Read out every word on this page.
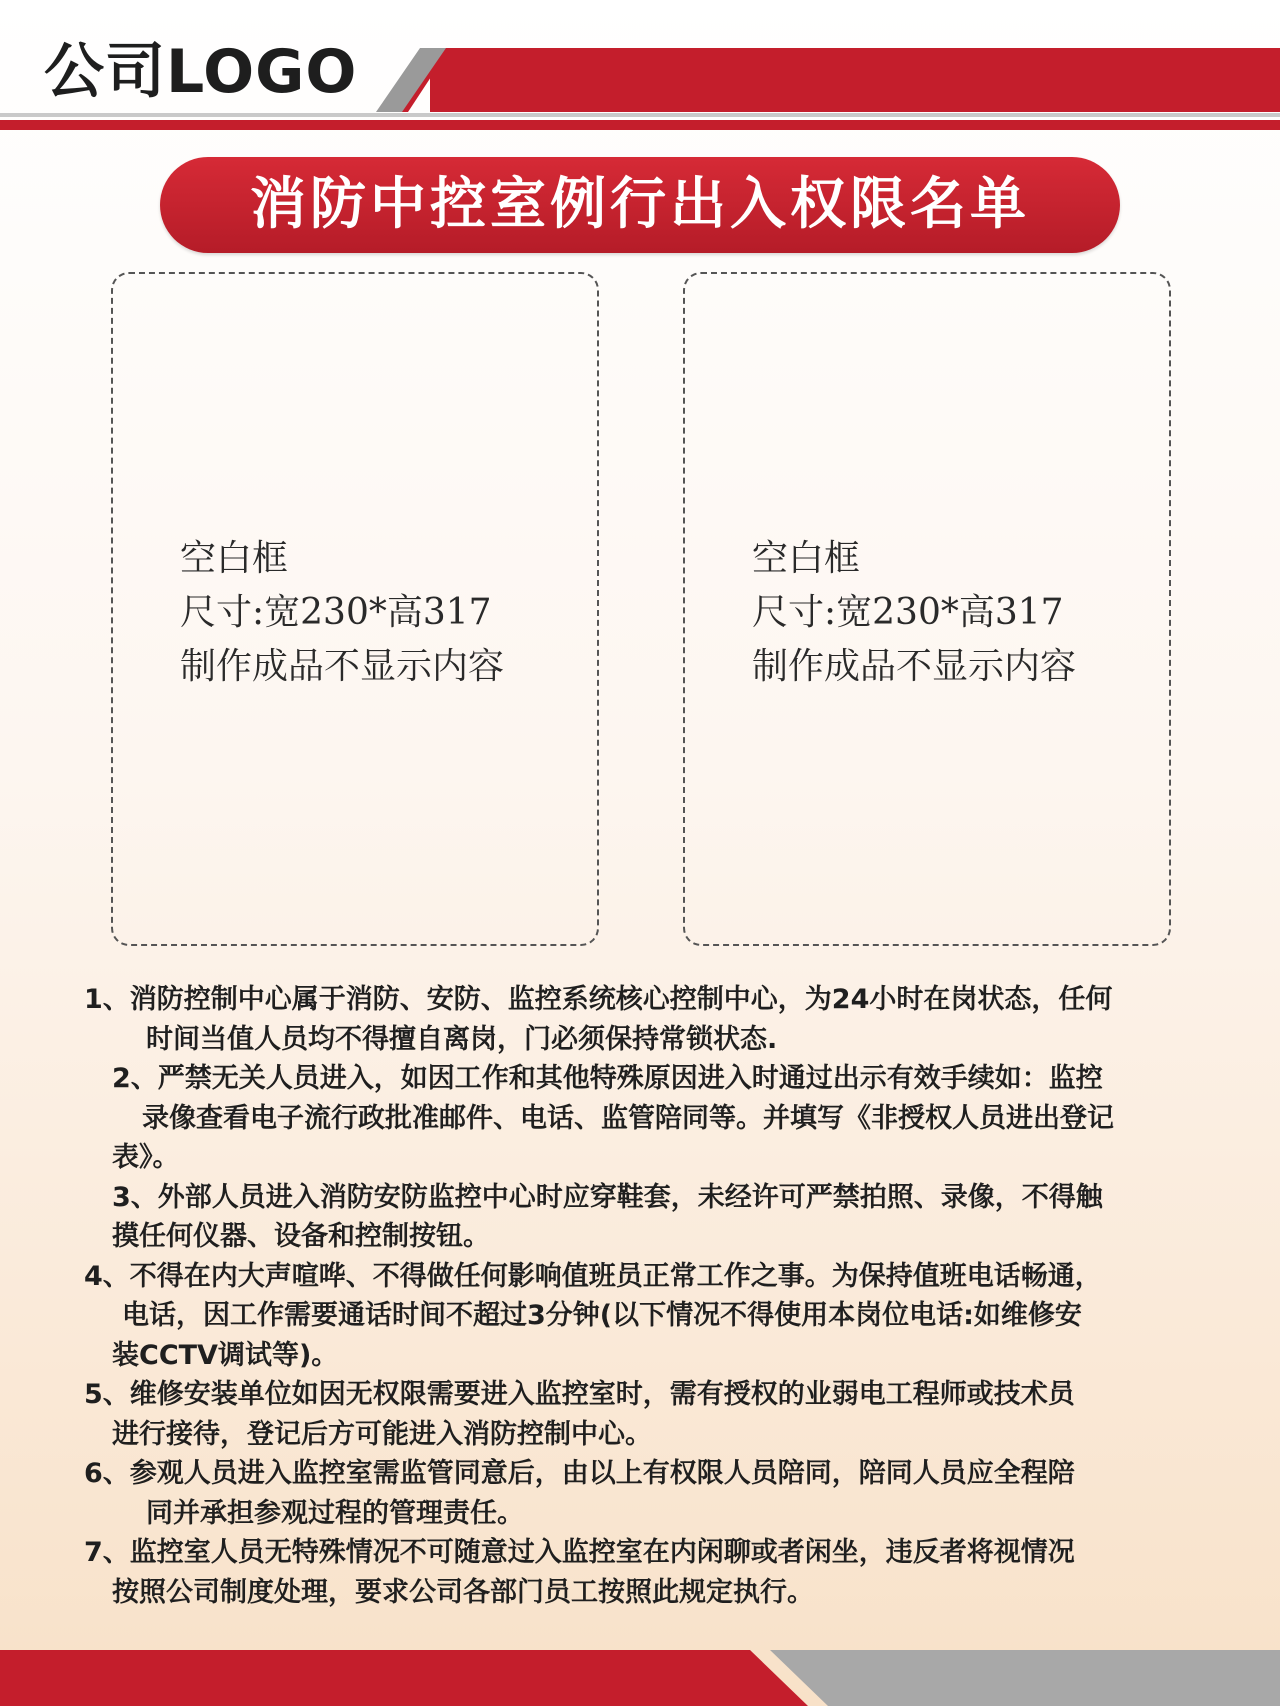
公司LOGO
消防中控室例行出入权限名单
空白框
尺寸:宽230*高317
制作成品不显示内容
空白框
尺寸:宽230*高317
制作成品不显示内容
1、消防控制中心属于消防、安防、监控系统核心控制中心，为24小时在岗状态，任何
时间当值人员均不得擅自离岗，门必须保持常锁状态.
2、严禁无关人员进入，如因工作和其他特殊原因进入时通过出示有效手续如：监控
录像查看电子流行政批准邮件、电话、监管陪同等。并填写《非授权人员进出登记
表》。
3、外部人员进入消防安防监控中心时应穿鞋套，未经许可严禁拍照、录像，不得触
摸任何仪器、设备和控制按钮。
4、不得在内大声喧哗、不得做任何影响值班员正常工作之事。为保持值班电话畅通，
电话，因工作需要通话时间不超过3分钟(以下情况不得使用本岗位电话:如维修安
装CCTV调试等)。
5、维修安装单位如因无权限需要进入监控室时，需有授权的业弱电工程师或技术员
进行接待，登记后方可能进入消防控制中心。
6、参观人员进入监控室需监管同意后，由以上有权限人员陪同，陪同人员应全程陪
同并承担参观过程的管理责任。
7、监控室人员无特殊情况不可随意过入监控室在内闲聊或者闲坐，违反者将视情况
按照公司制度处理，要求公司各部门员工按照此规定执行。
